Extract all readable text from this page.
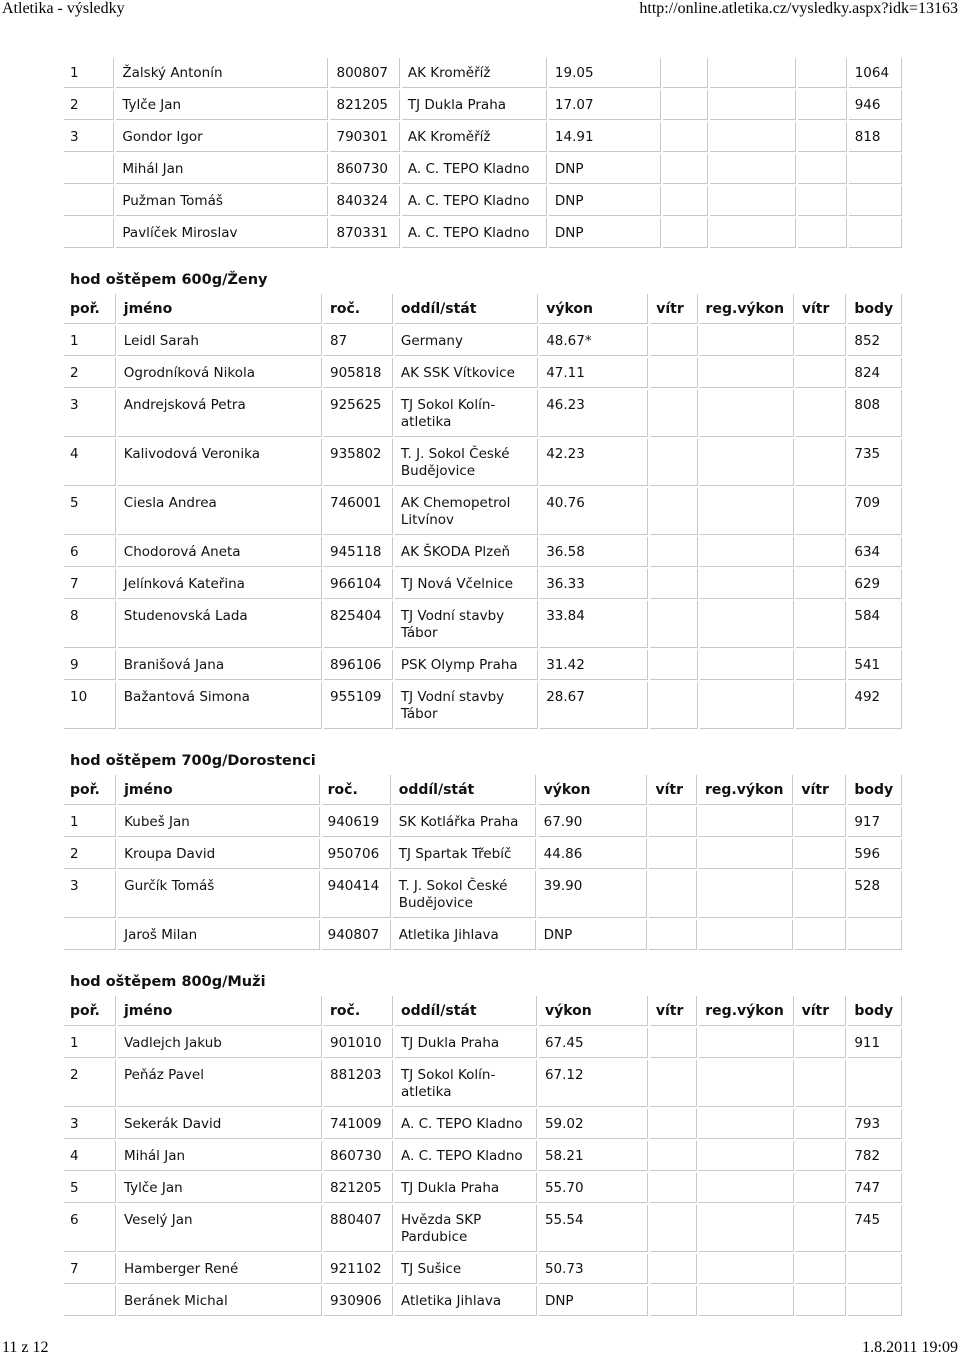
Atletika - výsledky	http://online.atletika.cz/vysledky.aspx?idk=13163
1	Žalský Antonín	800807	AK Kroměříž	19.05				1064
2	Tylče Jan	821205	TJ Dukla Praha	17.07				946
3	Gondor Igor	790301	AK Kroměříž	14.91				818
	Mihál Jan	860730	A. C. TEPO Kladno	DNP				
	Pužman Tomáš	840324	A. C. TEPO Kladno	DNP				
	Pavlíček Miroslav	870331	A. C. TEPO Kladno	DNP				
hod oštěpem 600g/Ženy
poř.	jméno	roč.	oddíl/stát	výkon	vítr	reg.výkon	vítr	body
1	Leidl Sarah	87	Germany	48.67*				852
2	Ogrodníková Nikola	905818	AK SSK Vítkovice	47.11				824
3	Andrejsková Petra	925625	TJ Sokol Kolín-atletika	46.23				808
4	Kalivodová Veronika	935802	T. J. Sokol České Budějovice	42.23				735
5	Ciesla Andrea	746001	AK Chemopetrol Litvínov	40.76				709
6	Chodorová Aneta	945118	AK ŠKODA Plzeň	36.58				634
7	Jelínková Kateřina	966104	TJ Nová Včelnice	36.33				629
8	Studenovská Lada	825404	TJ Vodní stavby Tábor	33.84				584
9	Branišová Jana	896106	PSK Olymp Praha	31.42				541
10	Bažantová Simona	955109	TJ Vodní stavby Tábor	28.67				492
hod oštěpem 700g/Dorostenci
poř.	jméno	roč.	oddíl/stát	výkon	vítr	reg.výkon	vítr	body
1	Kubeš Jan	940619	SK Kotlářka Praha	67.90				917
2	Kroupa David	950706	TJ Spartak Třebíč	44.86				596
3	Gurčík Tomáš	940414	T. J. Sokol České Budějovice	39.90				528
	Jaroš Milan	940807	Atletika Jihlava	DNP				
hod oštěpem 800g/Muži
poř.	jméno	roč.	oddíl/stát	výkon	vítr	reg.výkon	vítr	body
1	Vadlejch Jakub	901010	TJ Dukla Praha	67.45				911
2	Peňáz Pavel	881203	TJ Sokol Kolín-atletika	67.12				
3	Sekerák David	741009	A. C. TEPO Kladno	59.02				793
4	Mihál Jan	860730	A. C. TEPO Kladno	58.21				782
5	Tylče Jan	821205	TJ Dukla Praha	55.70				747
6	Veselý Jan	880407	Hvězda SKP Pardubice	55.54				745
7	Hamberger René	921102	TJ Sušice	50.73				
	Beránek Michal	930906	Atletika Jihlava	DNP				
11 z 12	1.8.2011 19:09
